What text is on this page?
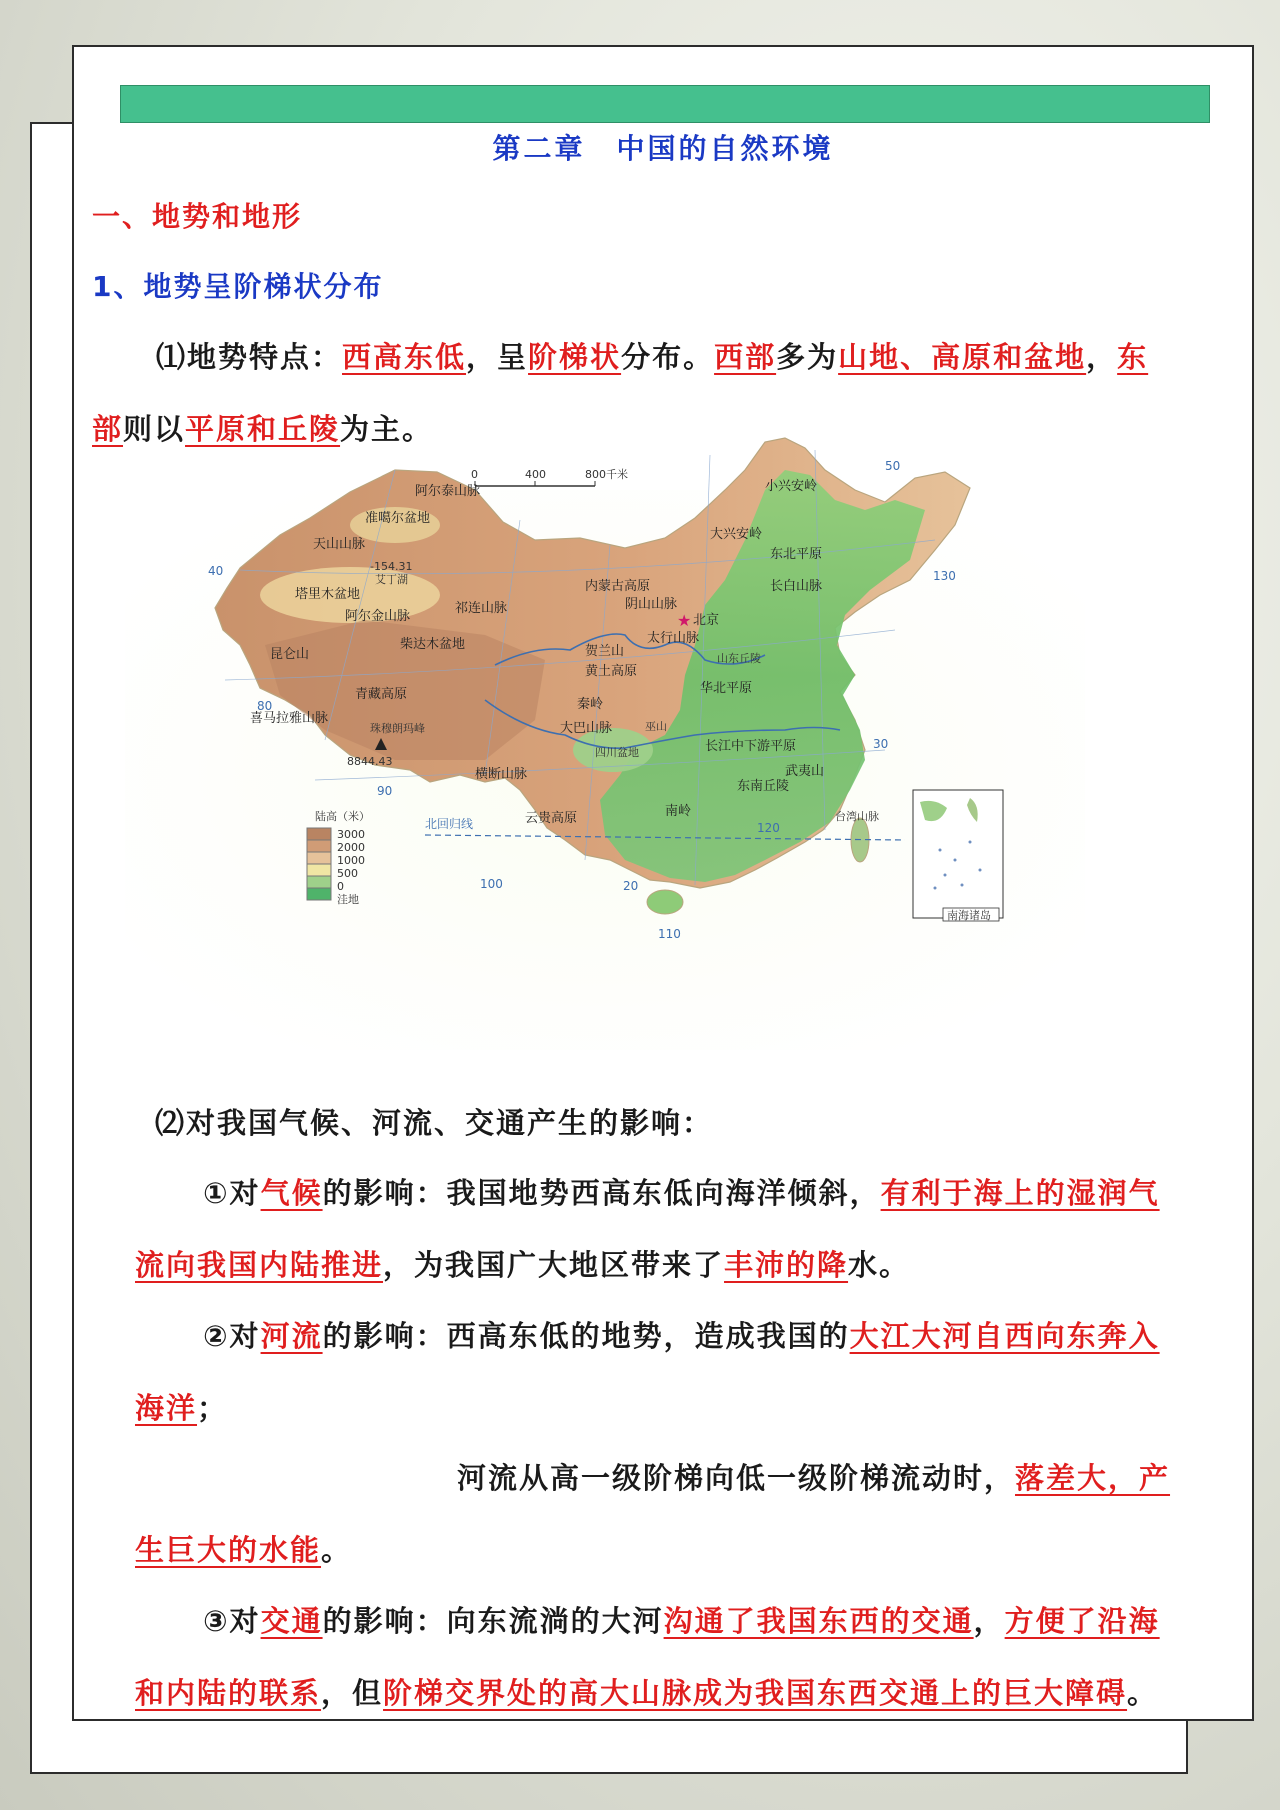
第二章　中国的自然环境
一、地势和地形
1、地势呈阶梯状分布
⑴地势特点：西高东低，呈阶梯状分布。西部多为山地、高原和盆地，东
部则以平原和丘陵为主。
0	400	800千米
80
90
100
110
120
130
20
30
40
50
阿尔泰山脉
准噶尔盆地
天山山脉
塔里木盆地
阿尔金山脉
祁连山脉
柴达木盆地
昆仑山
青藏高原
喜马拉雅山脉
横断山脉
内蒙古高原
阴山山脉
贺兰山
黄土高原
太行山脉
大兴安岭
小兴安岭
东北平原
长白山脉
华北平原
山东丘陵
秦岭
大巴山脉
四川盆地
巫山
长江中下游平原
云贵高原
东南丘陵
武夷山
南岭	台湾山脉
-154.31
艾丁湖
珠穆朗玛峰
8844.43
★ 北京
北回归线
陆高（米）
3000
2000
1000
500
0
洼地
南海诸岛
⑵对我国气候、河流、交通产生的影响：
①对气候的影响：我国地势西高东低向海洋倾斜，有利于海上的湿润气
流向我国内陆推进，为我国广大地区带来了丰沛的降水。
②对河流的影响：西高东低的地势，造成我国的大江大河自西向东奔入
海洋；
河流从高一级阶梯向低一级阶梯流动时，落差大，产
生巨大的水能。
③对交通的影响：向东流淌的大河沟通了我国东西的交通，方便了沿海
和内陆的联系，但阶梯交界处的高大山脉成为我国东西交通上的巨大障碍。
